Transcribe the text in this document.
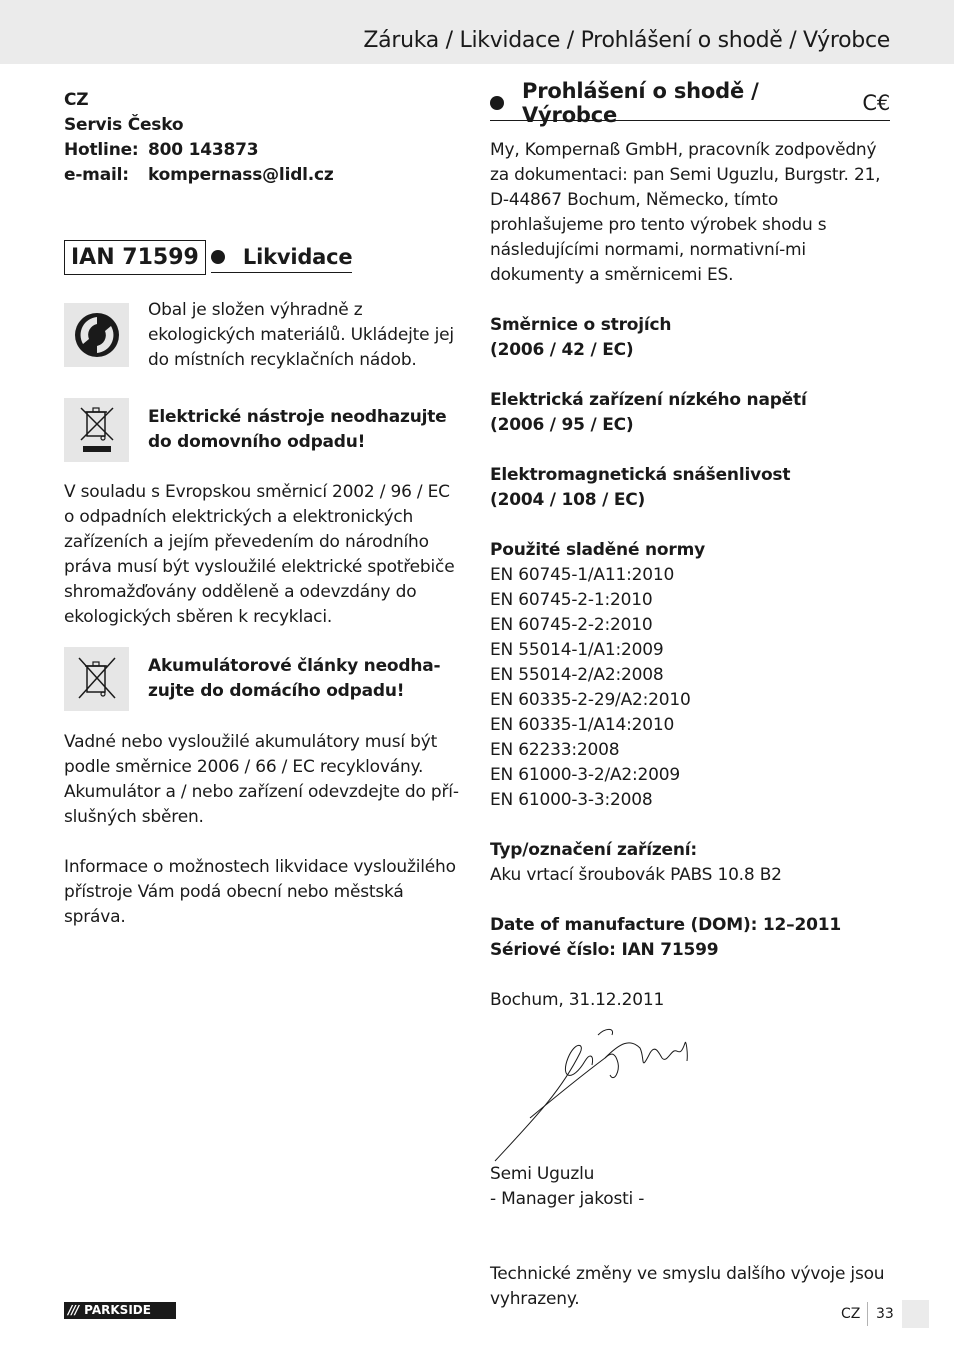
Záruka / Likvidace / Prohlášení o shodě / Výrobce
CZ
Servis Česko
Hotline: 800 143873
e-mail:	kompernass@lidl.cz
IAN 71599 Likvidace

Obal je složen výhradně z ekologických materiálů. Ukládejte jej do místních recyklačních nádob.

Elektrické nástroje neodhazujte do domovního odpadu!

V souladu s Evropskou směrnicí 2002 / 96 / EC o odpadních elektrických a elektronických zařízeních a jejím převedením do národního práva musí být vysloužilé elektrické spotřebiče shromažďovány odděleně a odevzdány do ekologických sběren k recyklaci.

Akumulátorové články neodha-zujte do domácího odpadu!

Vadné nebo vysloužilé akumulátory musí být podle směrnice 2006 / 66 / EC recyklovány.

Akumulátor a / nebo zařízení odevzdejte do pří-slušných sběren.

Informace o možnostech likvidace vysloužilého přístroje Vám podá obecní nebo městská správa.

Prohlášení o shodě / Výrobce	C€

My, Kompernaß GmbH, pracovník zodpovědný za dokumentaci: pan Semi Uguzlu, Burgstr. 21, D-44867 Bochum, Německo, tímto prohlašujeme pro tento výrobek shodu s následujícími normami, normativní-mi dokumenty a směrnicemi ES.

Směrnice o strojích

(2006 / 42 / EC)

Elektrická zařízení nízkého napětí

(2006 / 95 / EC)

Elektromagnetická snášenlivost

(2004 / 108 / EC)

Použité sladěné normy

EN 60745-1/A11:2010

EN 60745-2-1:2010

EN 60745-2-2:2010

EN 55014-1/A1:2009

EN 55014-2/A2:2008

EN 60335-2-29/A2:2010

EN 60335-1/A14:2010

EN 62233:2008

EN 61000-3-2/A2:2009

EN 61000-3-3:2008

Typ/označení zařízení:

Aku vrtací šroubovák PABS 10.8 B2

Date of manufacture (DOM): 12–2011

Sériové číslo: IAN 71599

Bochum, 31.12.2011

Semi Uguzlu

- Manager jakosti -

Technické změny ve smyslu dalšího vývoje jsou vyhrazeny.

/// PARKSIDE	CZ 33
